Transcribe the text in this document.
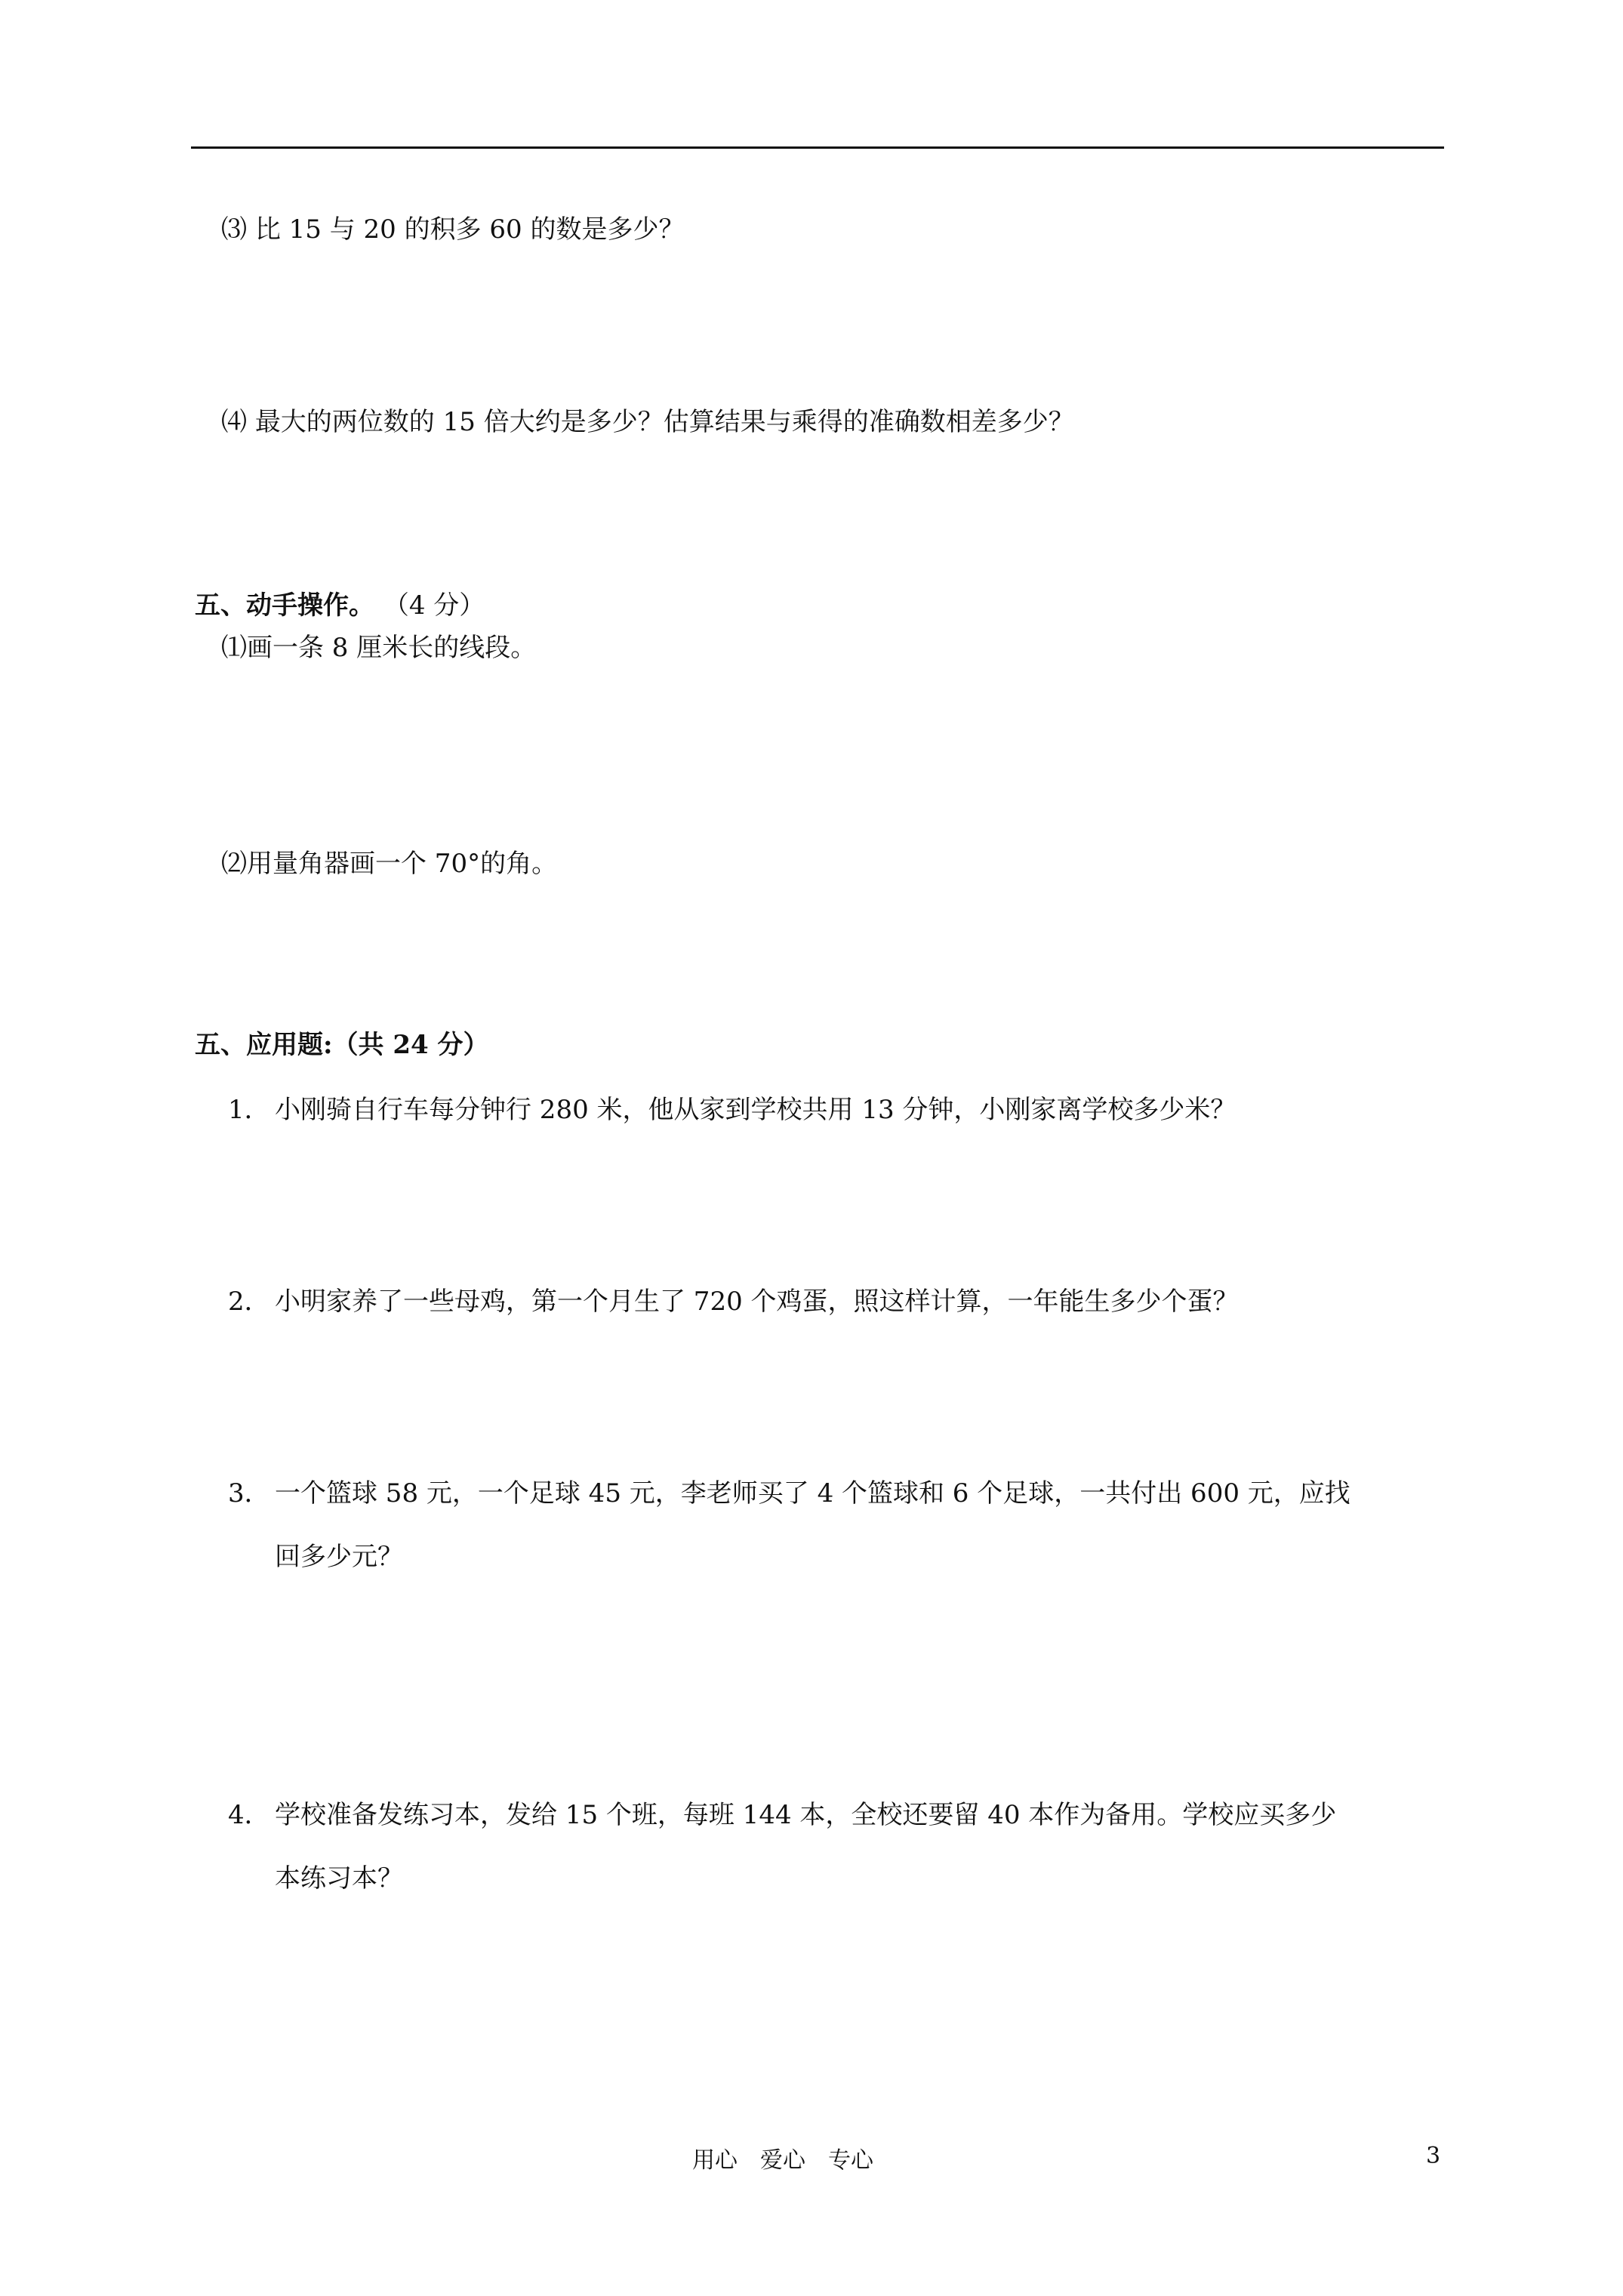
⑶ 比 15 与 20 的积多 60 的数是多少？
⑷ 最大的两位数的 15 倍大约是多少？估算结果与乘得的准确数相差多少？
五、动手操作。 （4 分）
⑴画一条 8 厘米长的线段。
⑵用量角器画一个 70°的角。
五、应用题:（共 24 分）
1． 小刚骑自行车每分钟行 280 米，他从家到学校共用 13 分钟，小刚家离学校多少米？
2． 小明家养了一些母鸡，第一个月生了 720 个鸡蛋，照这样计算，一年能生多少个蛋？
3． 一个篮球 58 元，一个足球 45 元，李老师买了 4 个篮球和 6 个足球，一共付出 600 元，应找
回多少元？
4． 学校准备发练习本，发给 15 个班，每班 144 本，全校还要留 40 本作为备用。学校应买多少
本练习本？
用心　爱心　专心	3
